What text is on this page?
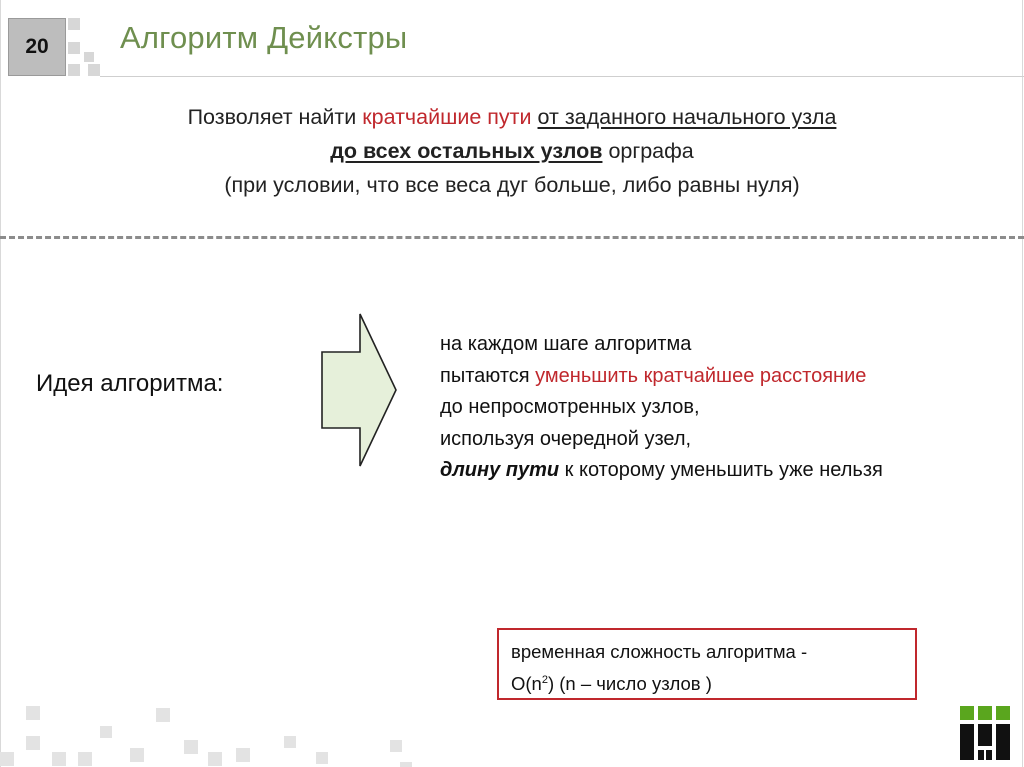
20	Алгоритм Дейкстры
Позволяет найти кратчайшие пути от заданного начального узла
до всех остальных узлов орграфа
(при условии, что все веса дуг больше, либо равны нуля)
Идея алгоритма:
на каждом шаге алгоритма
пытаются уменьшить кратчайшее расстояние
до непросмотренных узлов,
используя очередной узел,
длину пути к которому уменьшить уже нельзя
временная сложность алгоритма -
$O(n^2)$ (n – число узлов )
